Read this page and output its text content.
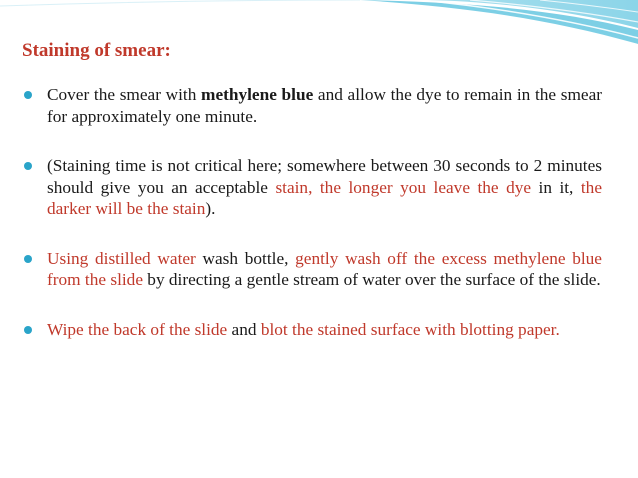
Staining of smear:
Cover the smear with methylene blue and allow the dye to remain in the smear for approximately one minute.
(Staining time is not critical here; somewhere between 30 seconds to 2 minutes should give you an acceptable stain, the longer you leave the dye in it, the darker will be the stain).
Using distilled water wash bottle, gently wash off the excess methylene blue from the slide by directing a gentle stream of water over the surface of the slide.
Wipe the back of the slide and blot the stained surface with blotting paper.
